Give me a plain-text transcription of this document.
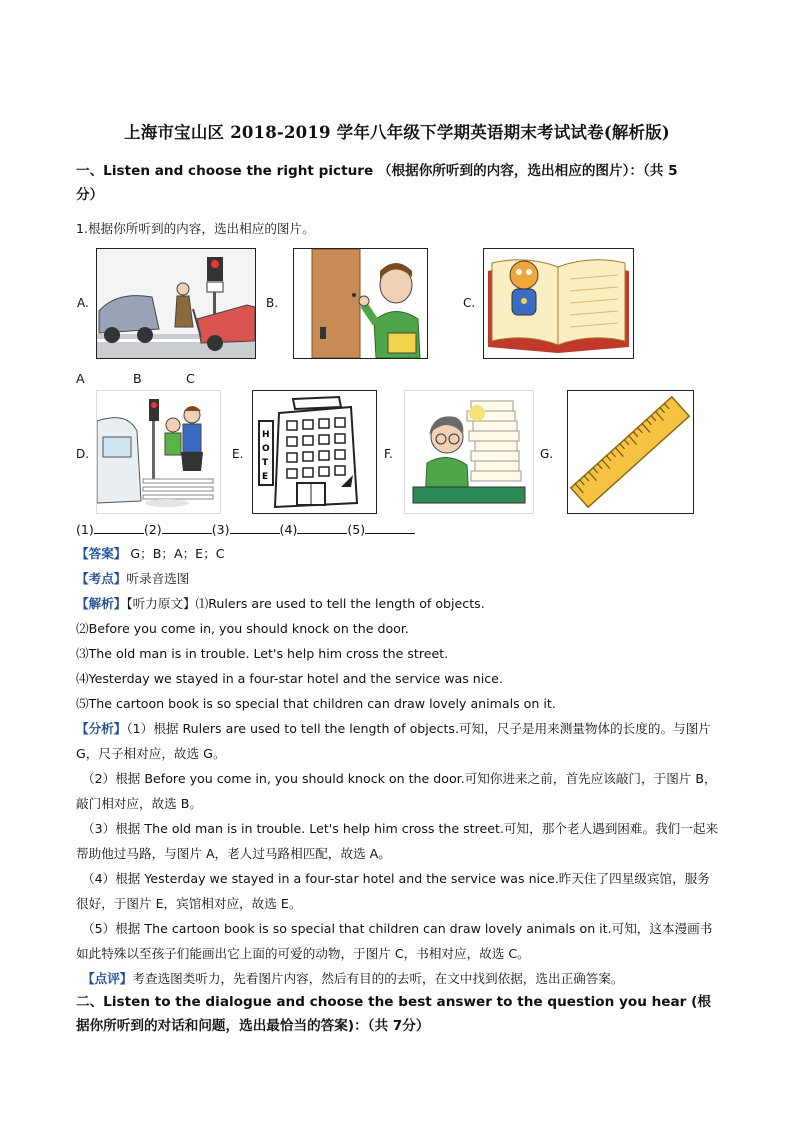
上海市宝山区 2018-2019 学年八年级下学期英语期末考试试卷(解析版)
一、Listen and choose the right picture （根据你所听到的内容，选出相应的图片）：（共 5
分）
1.根据你所听到的内容，选出相应的图片。
A.	B.	C.
A	B	C
D.	E.
H
O
T
E
F.	G.
(1)	(2)	(3)	(4)	(5)
【答案】 G；B；A；E；C
【考点】听录音选图
【解析】【听力原文】⑴Rulers are used to tell the length of objects.
⑵Before you come in, you should knock on the door.
⑶The old man is in trouble. Let's help him cross the street.
⑷Yesterday we stayed in a four-star hotel and the service was nice.
⑸The cartoon book is so special that children can draw lovely animals on it.
【分析】（1）根据 Rulers are used to tell the length of objects.可知，尺子是用来测量物体的长度的。与图片 G，尺子相对应，故选 G。
（2）根据 Before you come in, you should knock on the door.可知你进来之前，首先应该敲门，于图片 B，敲门相对应，故选 B。
（3）根据 The old man is in trouble. Let's help him cross the street.可知，那个老人遇到困难。我们一起来帮助他过马路，与图片 A，老人过马路相匹配，故选 A。
（4）根据 Yesterday we stayed in a four-star hotel and the service was nice.昨天住了四星级宾馆，服务很好，于图片 E，宾馆相对应，故选 E。
（5）根据 The cartoon book is so special that children can draw lovely animals on it.可知，这本漫画书如此特殊以至孩子们能画出它上面的可爱的动物，于图片 C，书相对应，故选 C。
【点评】考查选图类听力，先看图片内容，然后有目的的去听，在文中找到依据，选出正确答案。
二、Listen to the dialogue and choose the best answer to the question you hear (根据你所听到的对话和问题，选出最恰当的答案)：（共 7分）
